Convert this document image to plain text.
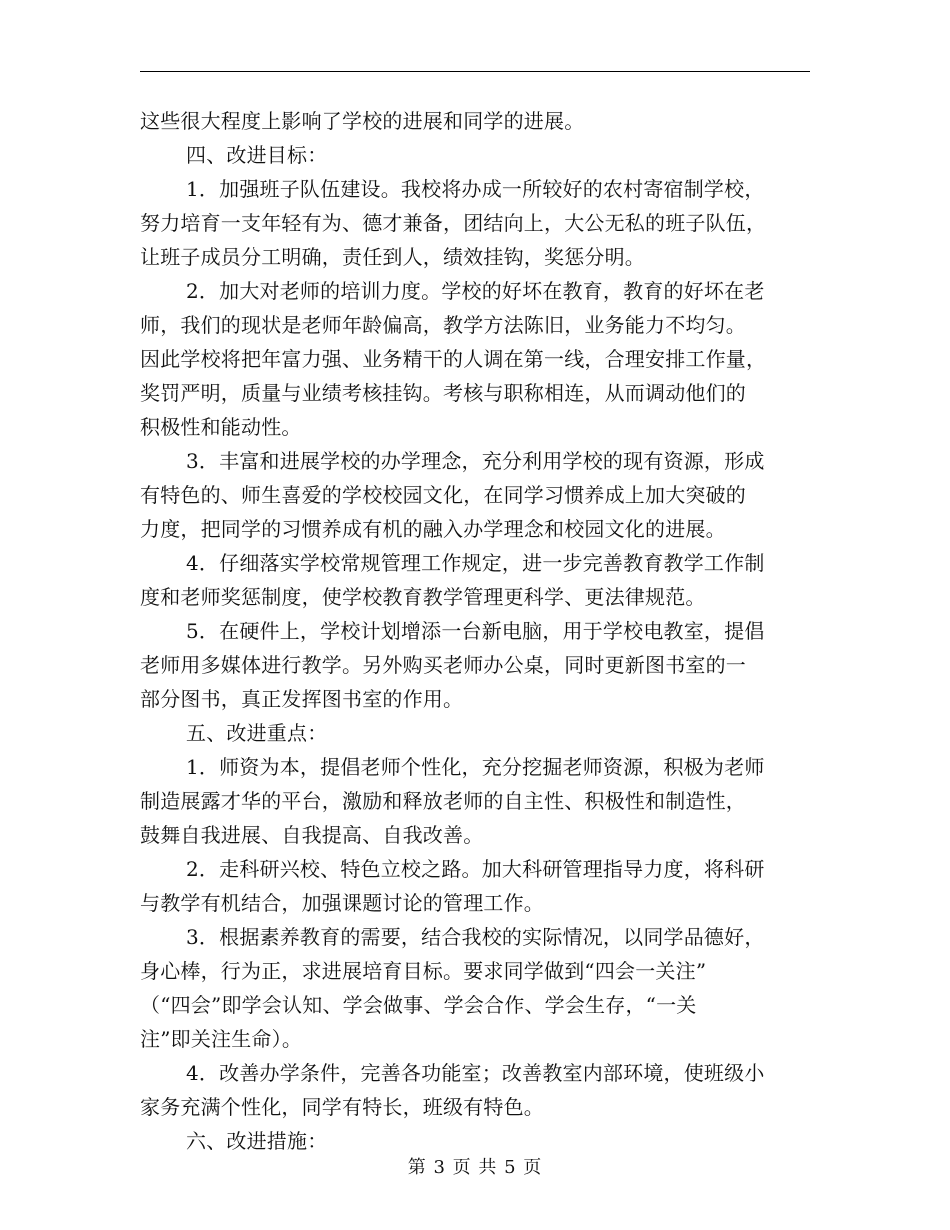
这些很大程度上影响了学校的进展和同学的进展。
四、改进目标：
1．加强班子队伍建设。我校将办成一所较好的农村寄宿制学校，
努力培育一支年轻有为、德才兼备，团结向上，大公无私的班子队伍，
让班子成员分工明确，责任到人，绩效挂钩，奖惩分明。
2．加大对老师的培训力度。学校的好坏在教育，教育的好坏在老
师，我们的现状是老师年龄偏高，教学方法陈旧，业务能力不均匀。
因此学校将把年富力强、业务精干的人调在第一线，合理安排工作量，
奖罚严明，质量与业绩考核挂钩。考核与职称相连，从而调动他们的
积极性和能动性。
3．丰富和进展学校的办学理念，充分利用学校的现有资源，形成
有特色的、师生喜爱的学校校园文化，在同学习惯养成上加大突破的
力度，把同学的习惯养成有机的融入办学理念和校园文化的进展。
4．仔细落实学校常规管理工作规定，进一步完善教育教学工作制
度和老师奖惩制度，使学校教育教学管理更科学、更法律规范。
5．在硬件上，学校计划增添一台新电脑，用于学校电教室，提倡
老师用多媒体进行教学。另外购买老师办公桌，同时更新图书室的一
部分图书，真正发挥图书室的作用。
五、改进重点：
1．师资为本，提倡老师个性化，充分挖掘老师资源，积极为老师
制造展露才华的平台，激励和释放老师的自主性、积极性和制造性，
鼓舞自我进展、自我提高、自我改善。
2．走科研兴校、特色立校之路。加大科研管理指导力度，将科研
与教学有机结合，加强课题讨论的管理工作。
3．根据素养教育的需要，结合我校的实际情况，以同学品德好，
身心棒，行为正，求进展培育目标。要求同学做到“四会一关注”
（“四会”即学会认知、学会做事、学会合作、学会生存，“一关
注”即关注生命）。
4．改善办学条件，完善各功能室；改善教室内部环境，使班级小
家务充满个性化，同学有特长，班级有特色。
六、改进措施：
第 3 页 共 5 页
